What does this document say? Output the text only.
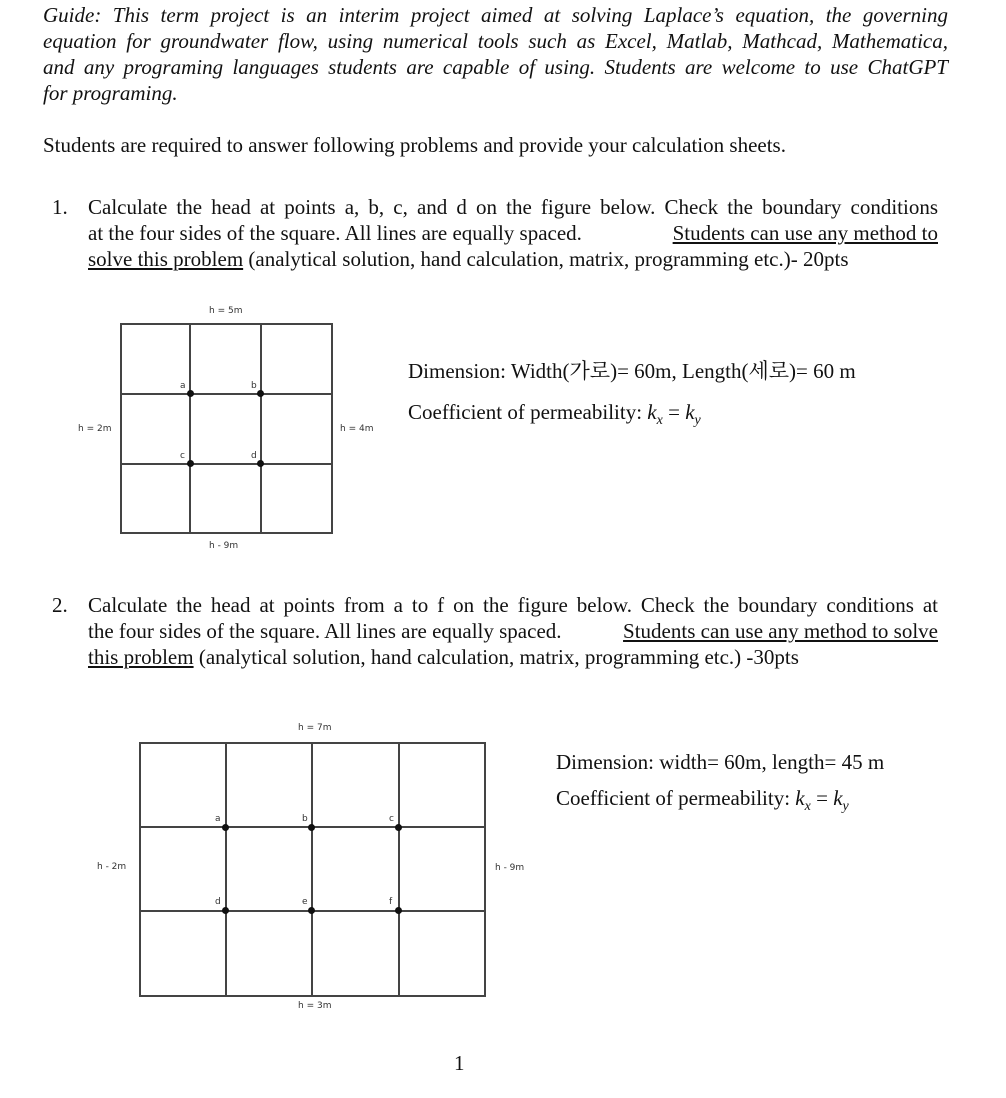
Guide: This term project is an interim project aimed at solving Laplace’s equation, the governing
equation for groundwater flow, using numerical tools such as Excel, Matlab, Mathcad, Mathematica,
and any programing languages students are capable of using. Students are welcome to use ChatGPT
for programing.
Students are required to answer following problems and provide your calculation sheets.
1. Calculate the head at points a, b, c, and d on the figure below. Check the boundary conditions
at the four sides of the square. All lines are equally spaced.	Students can use any method to
solve this problem (analytical solution, hand calculation, matrix, programming etc.)- 20pts
a	b
c	d
h = 5m
h = 2m	h = 4m
h - 9m
Dimension: Width(가로)= 60m, Length(세로)= 60 m
Coefficient of permeability: $k_x = k_y$
2. Calculate the head at points from a to f on the figure below. Check the boundary conditions at
the four sides of the square. All lines are equally spaced.	Students can use any method to solve
this problem (analytical solution, hand calculation, matrix, programming etc.) -30pts
a	b	c
d	e	f
h = 7m
h - 2m	h - 9m
h = 3m
Dimension: width= 60m, length= 45 m
Coefficient of permeability: $k_x = k_y$
1
